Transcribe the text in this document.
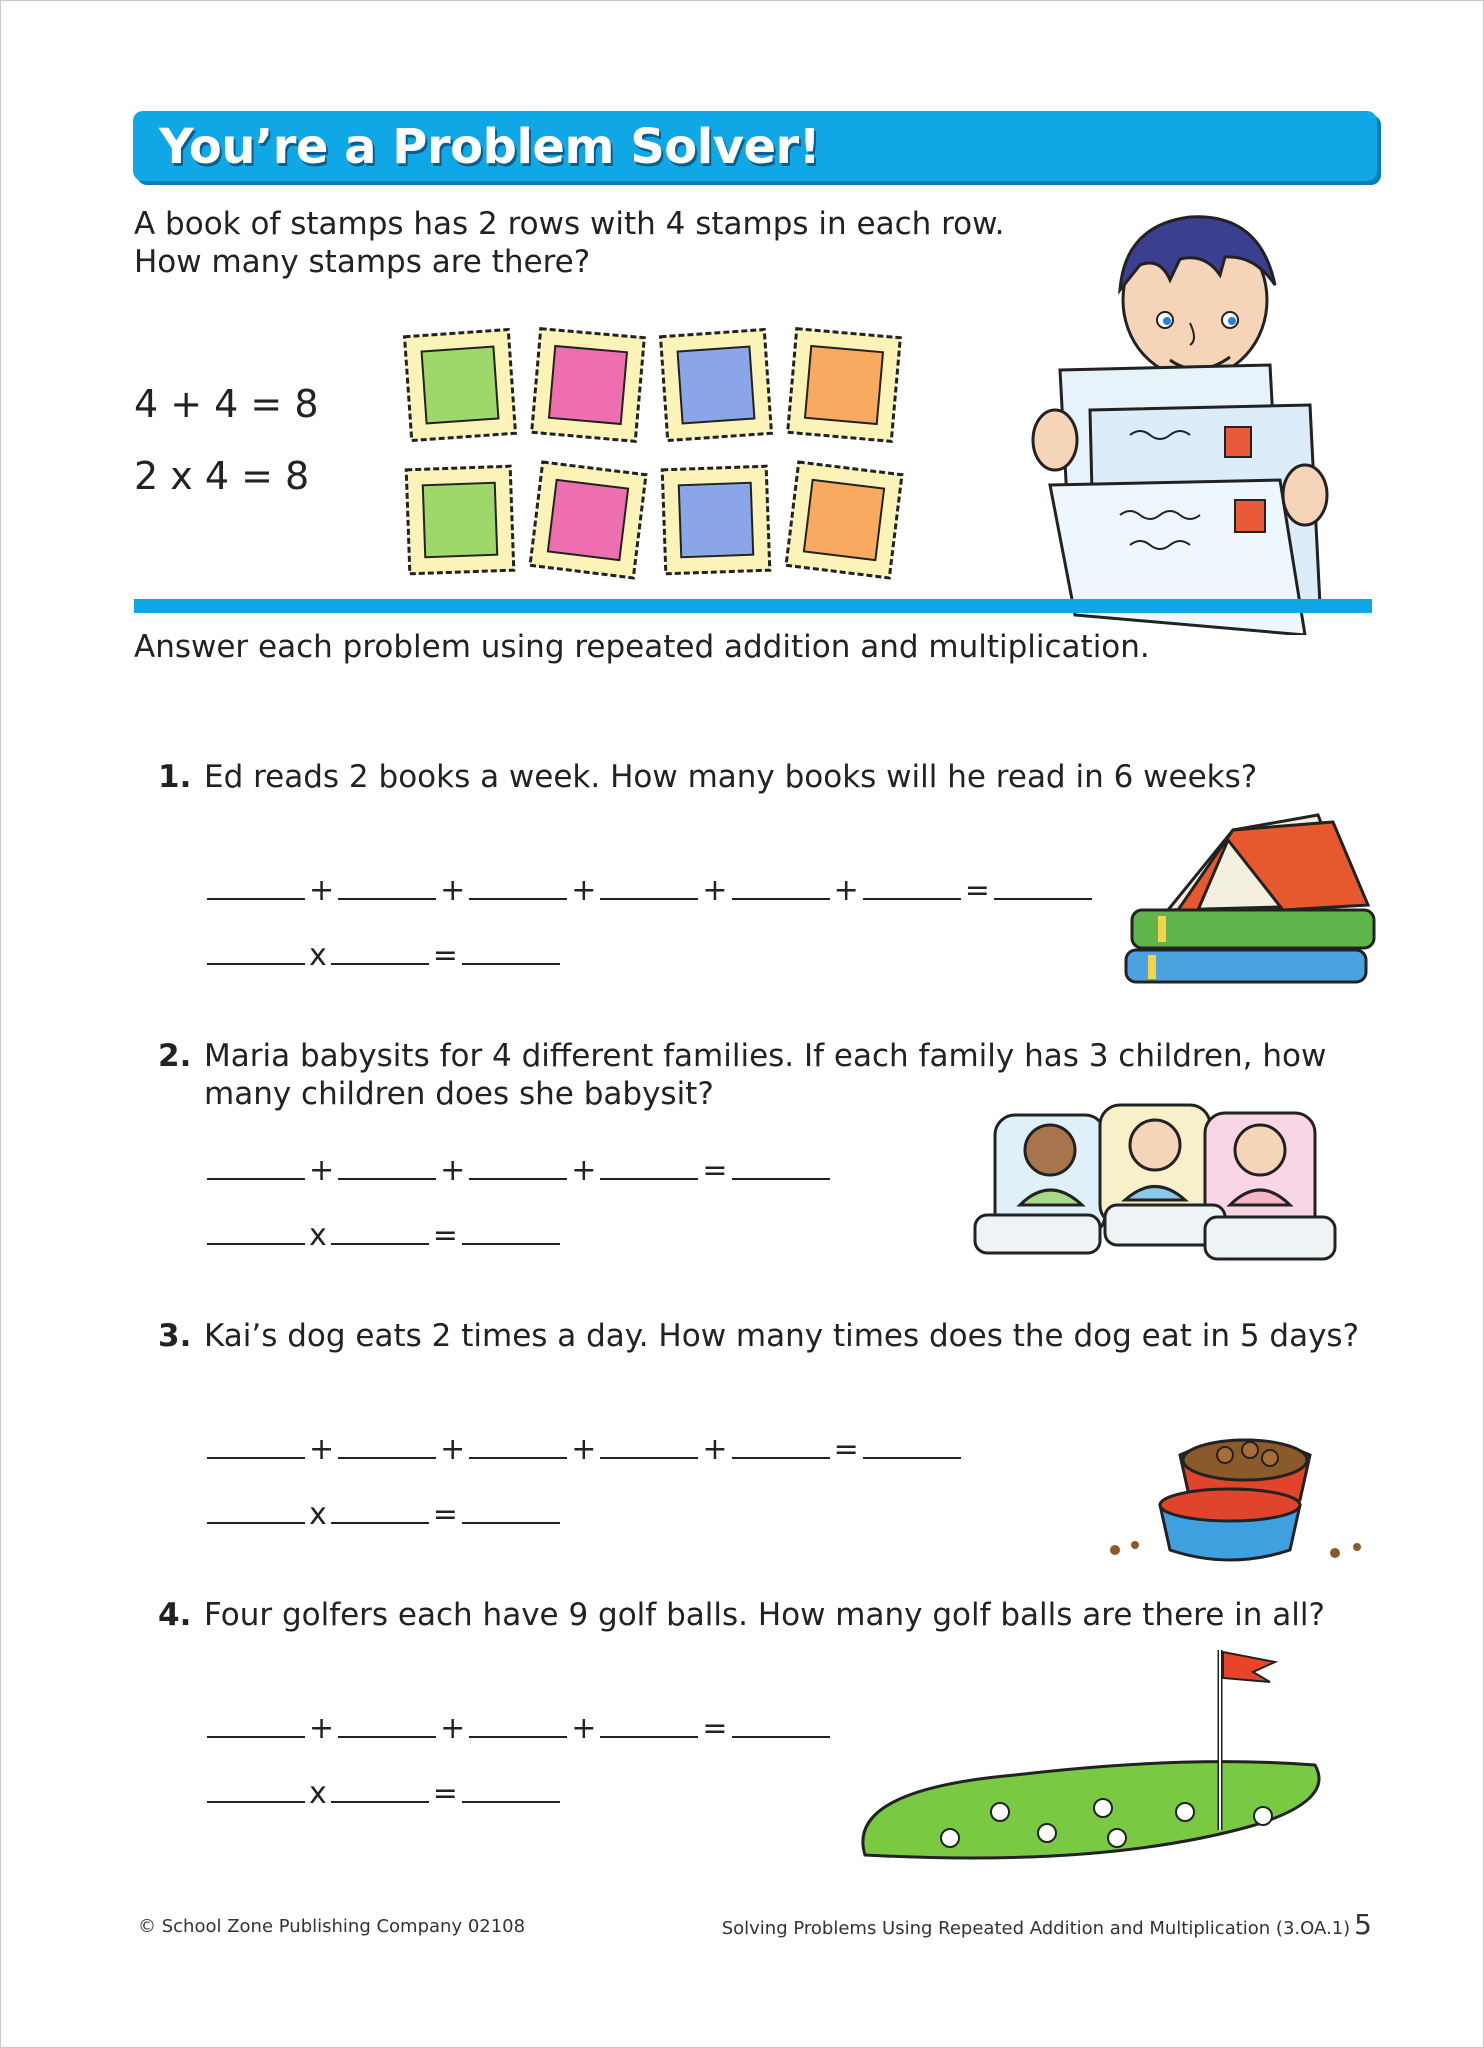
You’re a Problem Solver!
A book of stamps has 2 rows with 4 stamps in each row.
How many stamps are there?
4 + 4 = 8
2 x 4 = 8
Answer each problem using repeated addition and multiplication.
1. Ed reads 2 books a week. How many books will he read in 6 weeks?
+	+	+	+	+	=
x	=
2. Maria babysits for 4 different families. If each family has 3 children, how many children does she babysit?
+	+	+	=
x	=
3. Kai’s dog eats 2 times a day. How many times does the dog eat in 5 days?
+	+	+	+	=
x	=
4. Four golfers each have 9 golf balls. How many golf balls are there in all?
+	+	+	=
x	=
© School Zone Publishing Company 02108	Solving Problems Using Repeated Addition and Multiplication (3.OA.1) 5
